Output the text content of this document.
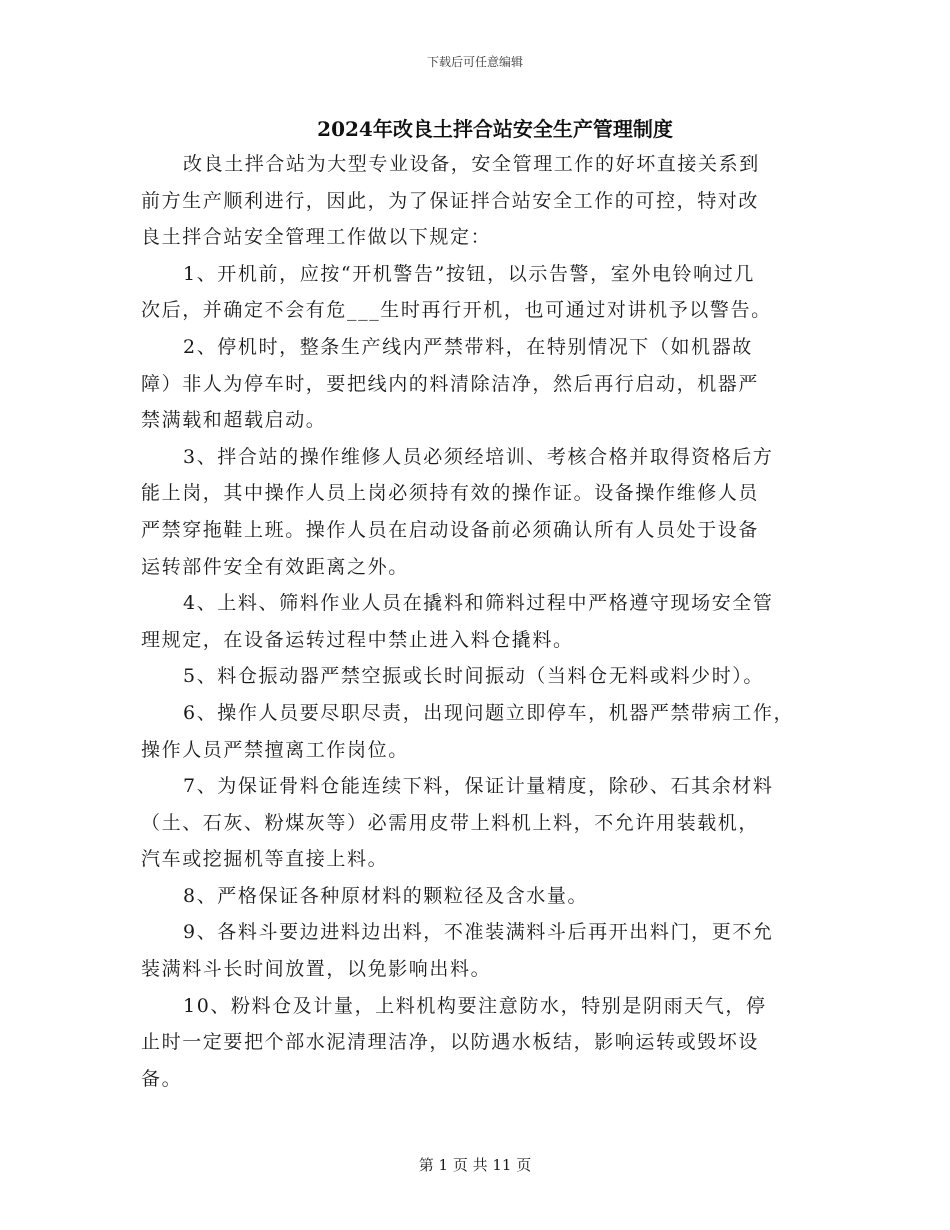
下载后可任意编辑
2024年改良土拌合站安全生产管理制度

改良土拌合站为大型专业设备，安全管理工作的好坏直接关系到
前方生产顺利进行，因此，为了保证拌合站安全工作的可控，特对改
良土拌合站安全管理工作做以下规定：

1、开机前，应按“开机警告”按钮，以示告警，室外电铃响过几
次后，并确定不会有危___生时再行开机，也可通过对讲机予以警告。

2、停机时，整条生产线内严禁带料，在特别情况下（如机器故
障）非人为停车时，要把线内的料清除洁净，然后再行启动，机器严
禁满载和超载启动。

3、拌合站的操作维修人员必须经培训、考核合格并取得资格后方
能上岗，其中操作人员上岗必须持有效的操作证。设备操作维修人员
严禁穿拖鞋上班。操作人员在启动设备前必须确认所有人员处于设备
运转部件安全有效距离之外。

4、上料、筛料作业人员在撬料和筛料过程中严格遵守现场安全管
理规定，在设备运转过程中禁止进入料仓撬料。

5、料仓振动器严禁空振或长时间振动（当料仓无料或料少时）。

6、操作人员要尽职尽责，出现问题立即停车，机器严禁带病工作，
操作人员严禁擅离工作岗位。

7、为保证骨料仓能连续下料，保证计量精度，除砂、石其余材料
（土、石灰、粉煤灰等）必需用皮带上料机上料，不允许用装载机，
汽车或挖掘机等直接上料。

8、严格保证各种原材料的颗粒径及含水量。

9、各料斗要边进料边出料，不准装满料斗后再开出料门，更不允
装满料斗长时间放置，以免影响出料。

10、粉料仓及计量，上料机构要注意防水，特别是阴雨天气，停
止时一定要把个部水泥清理洁净，以防遇水板结，影响运转或毁坏设
备。

第 1 页 共 11 页
